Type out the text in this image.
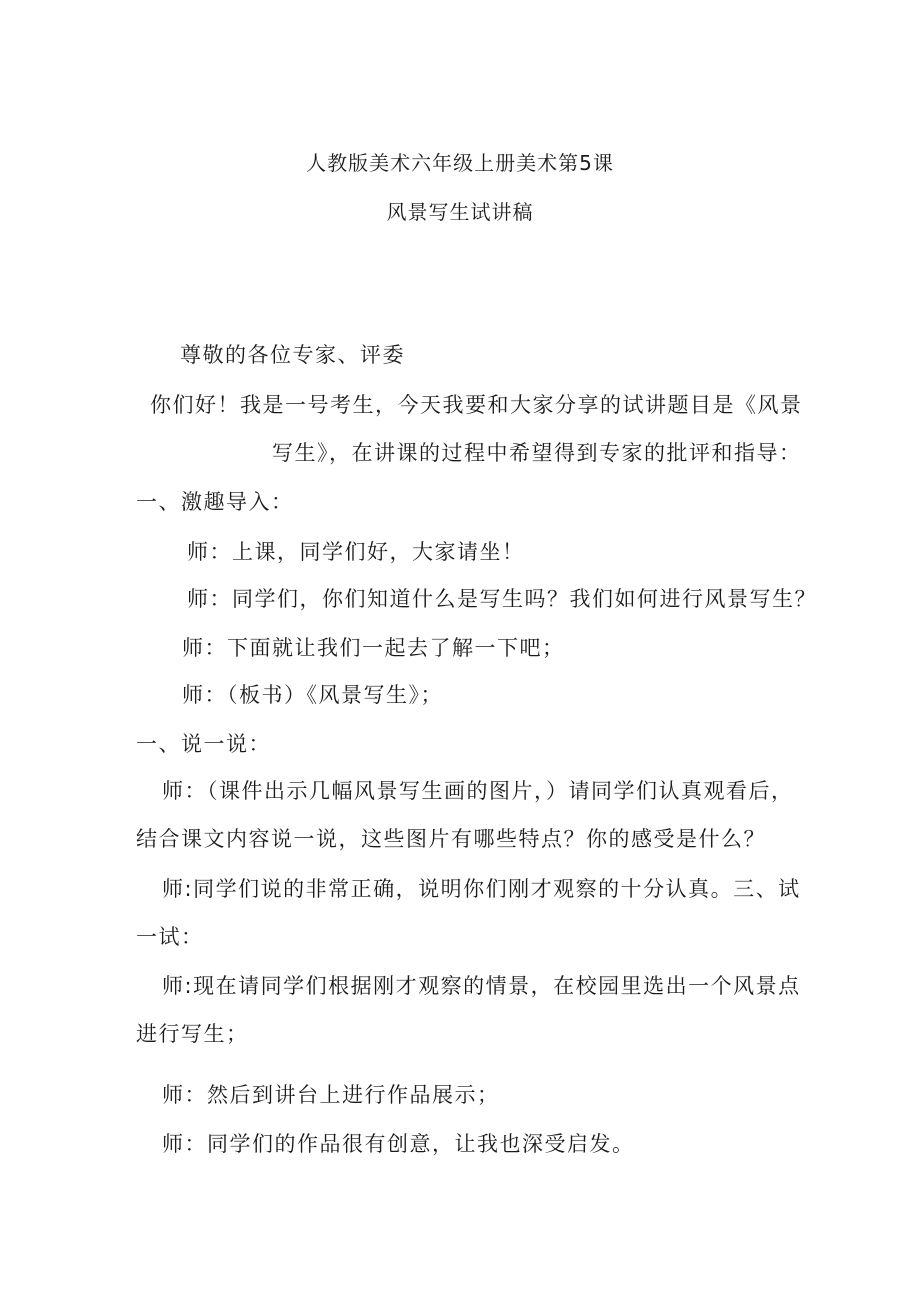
人教版美术六年级上册美术第5课
风景写生试讲稿
尊敬的各位专家、评委
你们好！我是一号考生，今天我要和大家分享的试讲题目是《风景
写生》，在讲课的过程中希望得到专家的批评和指导：
一、激趣导入：
师：上课，同学们好，大家请坐！
师：同学们，你们知道什么是写生吗？我们如何进行风景写生？
师：下面就让我们一起去了解一下吧；
师：（板书）《风景写生》；
一、说一说：
师：（课件出示几幅风景写生画的图片，）请同学们认真观看后，
结合课文内容说一说，这些图片有哪些特点？你的感受是什么？
师:同学们说的非常正确，说明你们刚才观察的十分认真。三、试
一试：
师:现在请同学们根据刚才观察的情景，在校园里选出一个风景点
进行写生；
师：然后到讲台上进行作品展示；
师：同学们的作品很有创意，让我也深受启发。
